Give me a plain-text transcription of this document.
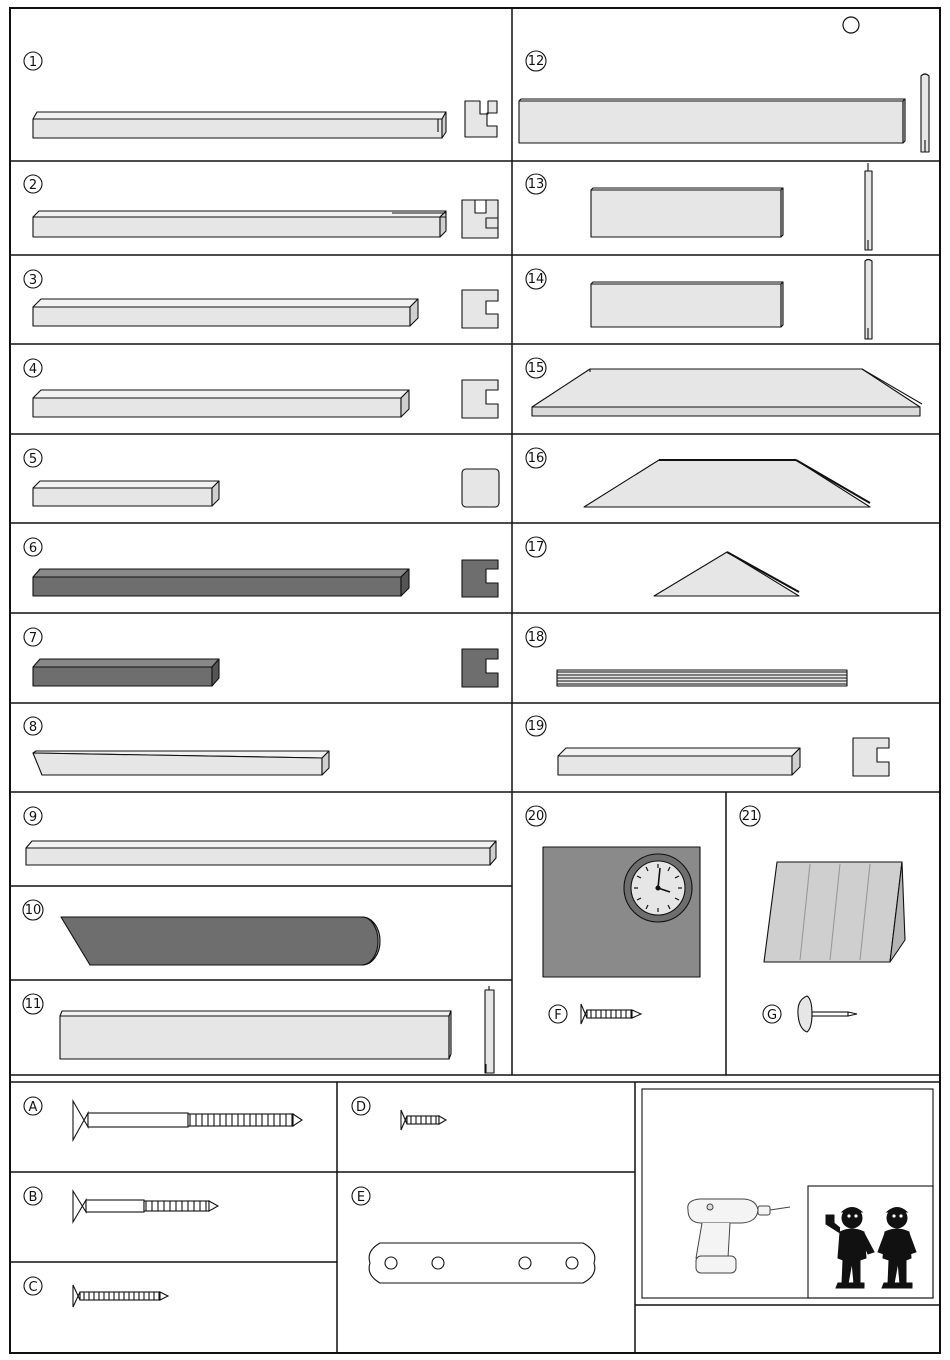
1
2
3
4
5
6
7
8
9
10
11
12
13
14
15
16
17
18
19
20	21
A
B
C
D
E
F	G
